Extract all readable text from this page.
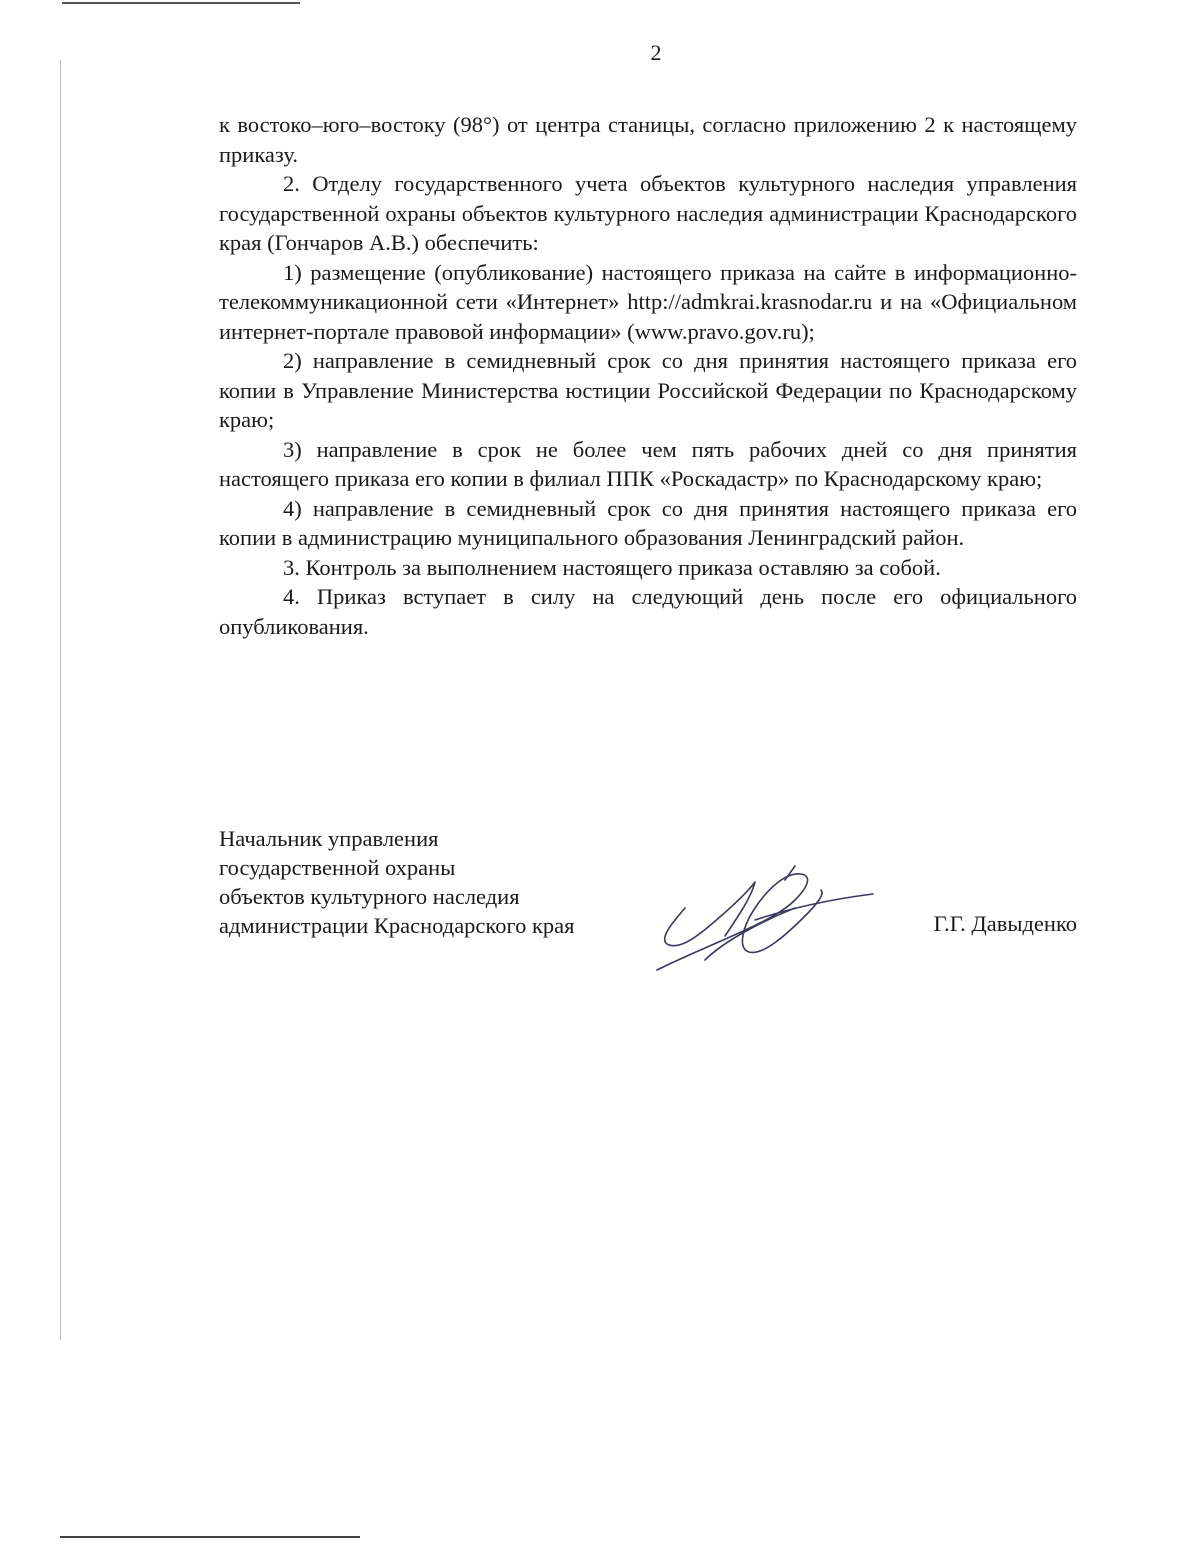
2

к востоко–юго–востоку (98°) от центра станицы, согласно приложению 2 к настоящему приказу.

2. Отделу государственного учета объектов культурного наследия управления государственной охраны объектов культурного наследия администрации Краснодарского края (Гончаров А.В.) обеспечить:

1) размещение (опубликование) настоящего приказа на сайте в информационно-телекоммуникационной сети «Интернет» http://admkrai.krasnodar.ru и на «Официальном интернет-портале правовой информации» (www.pravo.gov.ru);

2) направление в семидневный срок со дня принятия настоящего приказа его копии в Управление Министерства юстиции Российской Федерации по Краснодарскому краю;

3) направление в срок не более чем пять рабочих дней со дня принятия настоящего приказа его копии в филиал ППК «Роскадастр» по Краснодарскому краю;

4) направление в семидневный срок со дня принятия настоящего приказа его копии в администрацию муниципального образования Ленинградский район.

3. Контроль за выполнением настоящего приказа оставляю за собой.

4. Приказ вступает в силу на следующий день после его официального опубликования.

Начальник управления
государственной охраны
объектов культурного наследия
администрации Краснодарского края	Г.Г. Давыденко
